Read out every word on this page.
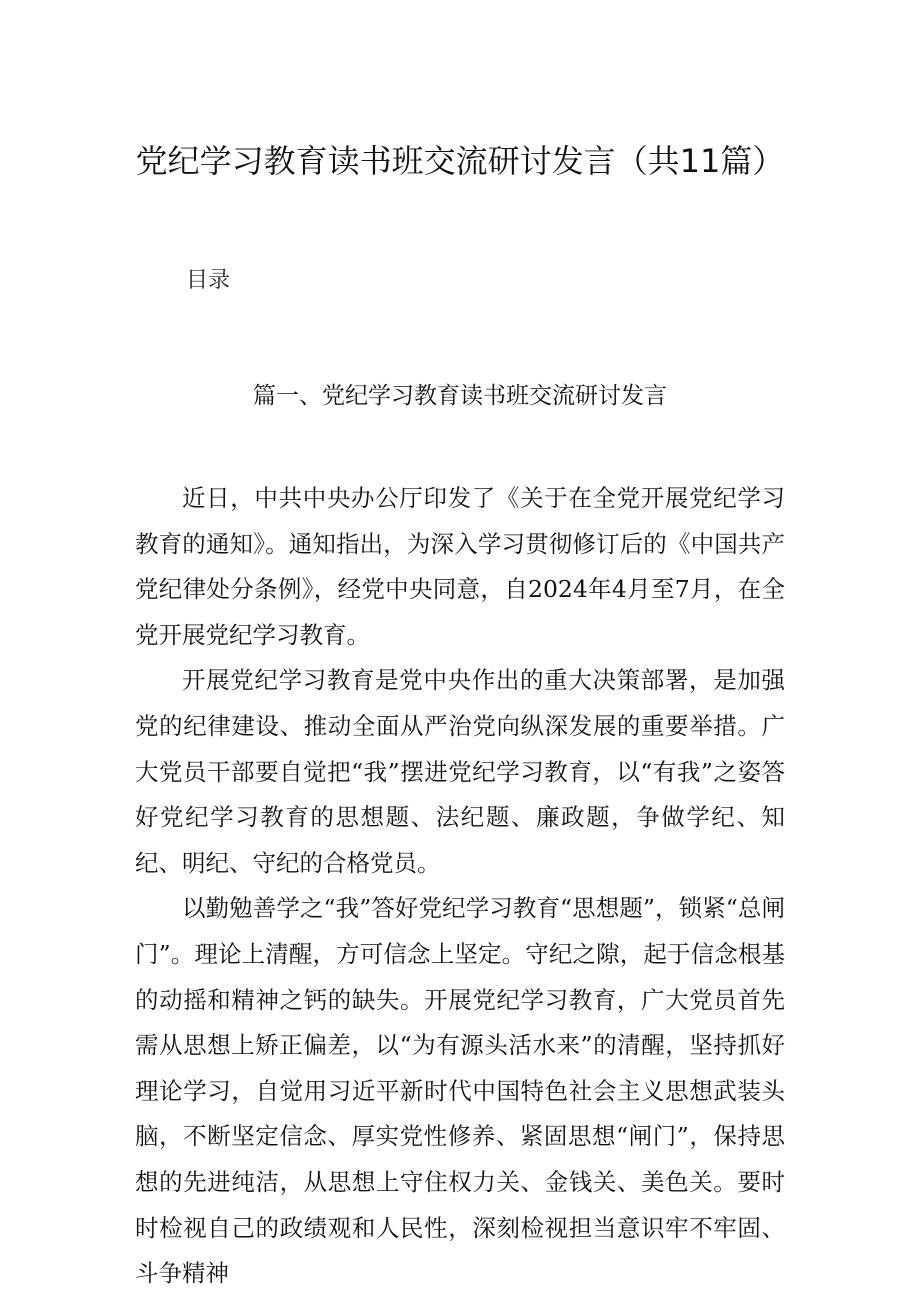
党纪学习教育读书班交流研讨发言（共11篇）
目录
篇一、党纪学习教育读书班交流研讨发言

近日，中共中央办公厅印发了《关于在全党开展党纪学习教育的通知》。通知指出，为深入学习贯彻修订后的《中国共产党纪律处分条例》，经党中央同意，自2024年4月至7月，在全党开展党纪学习教育。

开展党纪学习教育是党中央作出的重大决策部署，是加强党的纪律建设、推动全面从严治党向纵深发展的重要举措。广大党员干部要自觉把“我”摆进党纪学习教育，以“有我”之姿答好党纪学习教育的思想题、法纪题、廉政题，争做学纪、知纪、明纪、守纪的合格党员。

以勤勉善学之“我”答好党纪学习教育“思想题”，锁紧“总闸门”。理论上清醒，方可信念上坚定。守纪之隙，起于信念根基的动摇和精神之钙的缺失。开展党纪学习教育，广大党员首先需从思想上矫正偏差，以“为有源头活水来”的清醒，坚持抓好理论学习，自觉用习近平新时代中国特色社会主义思想武装头脑，不断坚定信念、厚实党性修养、紧固思想“闸门”，保持思想的先进纯洁，从思想上守住权力关、金钱关、美色关。要时时检视自己的政绩观和人民性，深刻检视担当意识牢不牢固、斗争精神
